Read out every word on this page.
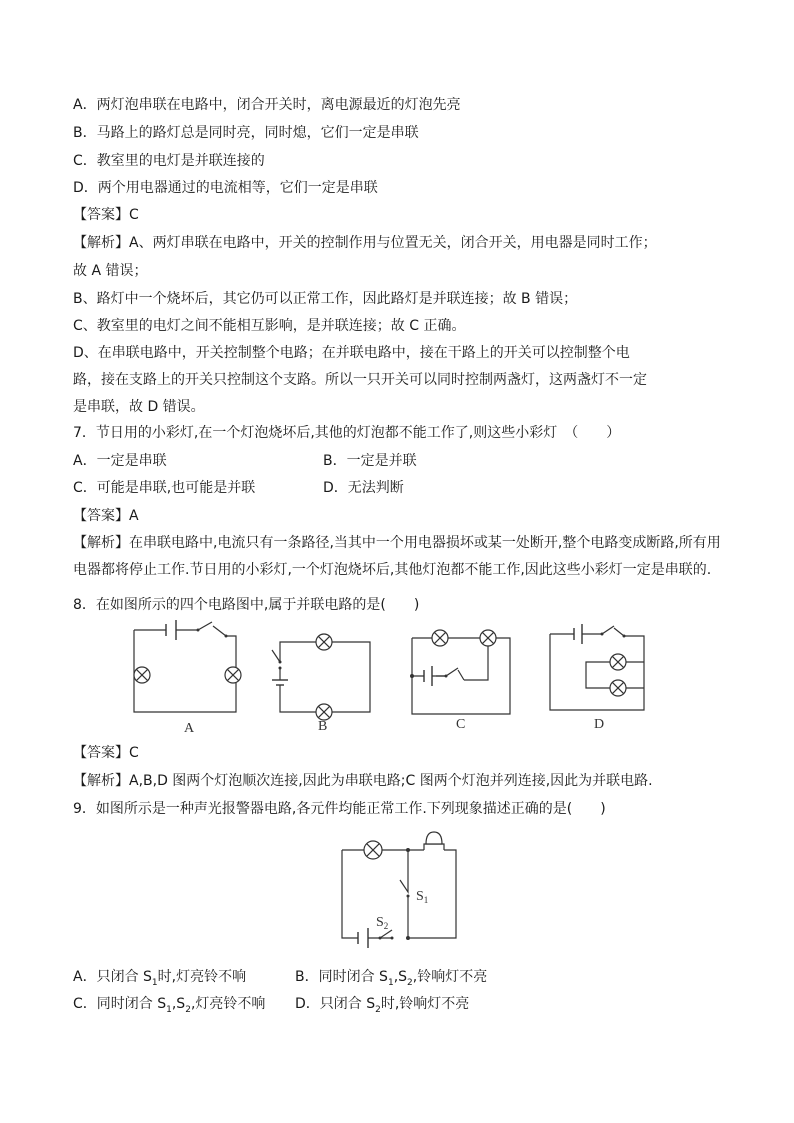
A．两灯泡串联在电路中，闭合开关时，离电源最近的灯泡先亮
B．马路上的路灯总是同时亮，同时熄，它们一定是串联
C．教室里的电灯是并联连接的
D．两个用电器通过的电流相等，它们一定是串联
【答案】C
【解析】A、两灯串联在电路中，开关的控制作用与位置无关，闭合开关，用电器是同时工作；
故 A 错误；
B、路灯中一个烧坏后，其它仍可以正常工作，因此路灯是并联连接；故 B 错误；
C、教室里的电灯之间不能相互影响，是并联连接；故 C 正确。
D、在串联电路中，开关控制整个电路；在并联电路中，接在干路上的开关可以控制整个电
路，接在支路上的开关只控制这个支路。所以一只开关可以同时控制两盏灯，这两盏灯不一定
是串联，故 D 错误。
7．节日用的小彩灯,在一个灯泡烧坏后,其他的灯泡都不能工作了,则这些小彩灯　（　　）
A．一定是串联	B．一定是并联
C．可能是串联,也可能是并联	D．无法判断
【答案】A
【解析】在串联电路中,电流只有一条路径,当其中一个用电器损坏或某一处断开,整个电路变成断路,所有用
电器都将停止工作.节日用的小彩灯,一个灯泡烧坏后,其他灯泡都不能工作,因此这些小彩灯一定是串联的.
8．在如图所示的四个电路图中,属于并联电路的是(　　)
A	B	C	D
【答案】C
【解析】A,B,D 图两个灯泡顺次连接,因此为串联电路;C 图两个灯泡并列连接,因此为并联电路.
9．如图所示是一种声光报警器电路,各元件均能正常工作.下列现象描述正确的是(　　)
$S_1$
$S_2$
A．只闭合 $S_1$时,灯亮铃不响	B．同时闭合 $S_1,S_2$,铃响灯不亮
C．同时闭合 $S_1,S_2$,灯亮铃不响 D．只闭合 $S_2$时,铃响灯不亮
